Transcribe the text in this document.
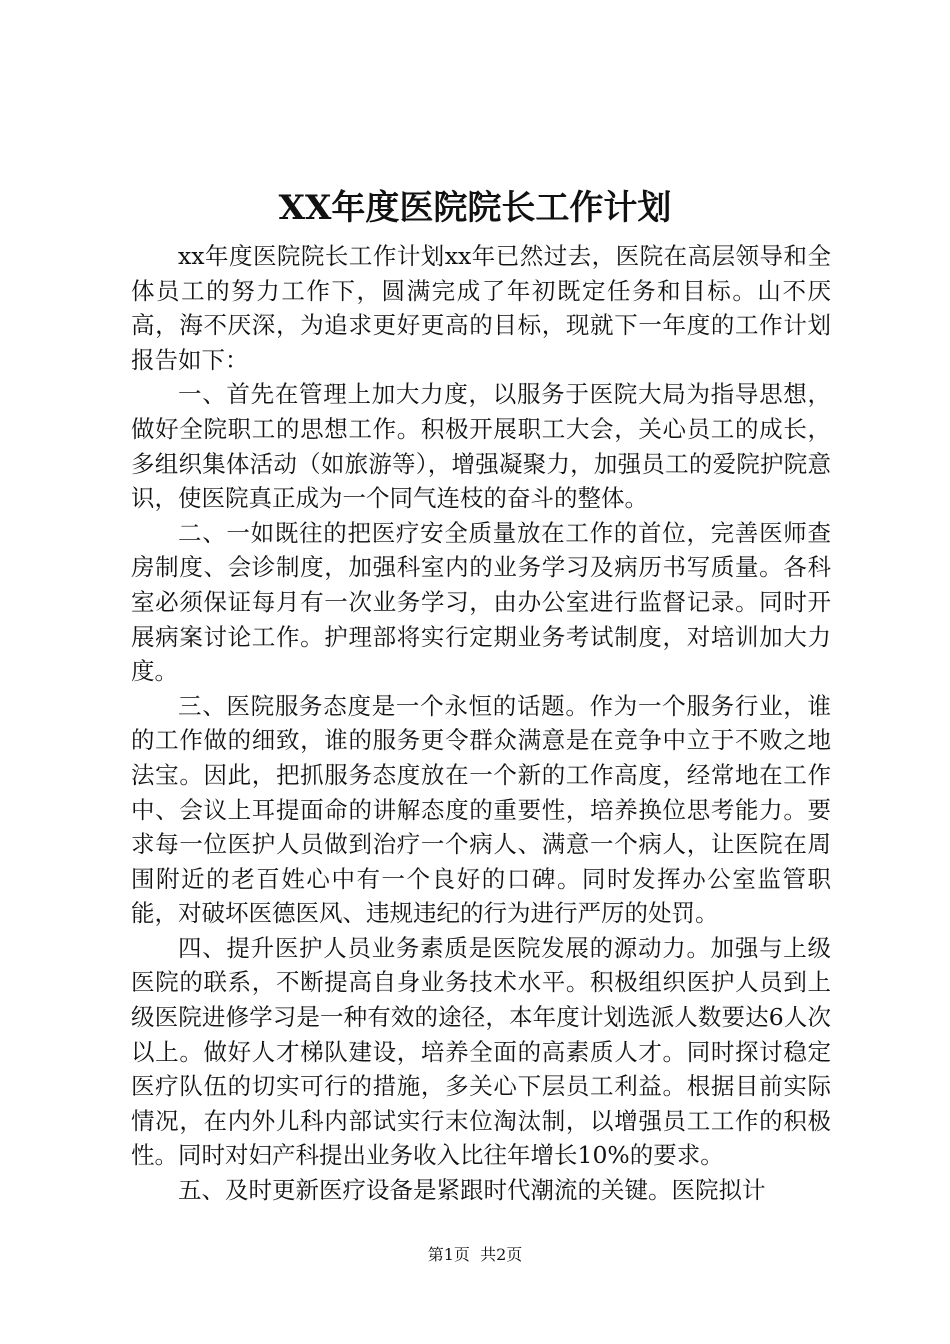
XX年度医院院长工作计划

xx年度医院院长工作计划xx年已然过去，医院在高层领导和全体员工的努力工作下，圆满完成了年初既定任务和目标。山不厌高，海不厌深，为追求更好更高的目标，现就下一年度的工作计划报告如下：

一、首先在管理上加大力度，以服务于医院大局为指导思想，做好全院职工的思想工作。积极开展职工大会，关心员工的成长，多组织集体活动（如旅游等），增强凝聚力，加强员工的爱院护院意识，使医院真正成为一个同气连枝的奋斗的整体。

二、一如既往的把医疗安全质量放在工作的首位，完善医师查房制度、会诊制度，加强科室内的业务学习及病历书写质量。各科室必须保证每月有一次业务学习，由办公室进行监督记录。同时开展病案讨论工作。护理部将实行定期业务考试制度，对培训加大力度。

三、医院服务态度是一个永恒的话题。作为一个服务行业，谁的工作做的细致，谁的服务更令群众满意是在竞争中立于不败之地法宝。因此，把抓服务态度放在一个新的工作高度，经常地在工作中、会议上耳提面命的讲解态度的重要性，培养换位思考能力。要求每一位医护人员做到治疗一个病人、满意一个病人，让医院在周围附近的老百姓心中有一个良好的口碑。同时发挥办公室监管职能，对破坏医德医风、违规违纪的行为进行严厉的处罚。

四、提升医护人员业务素质是医院发展的源动力。加强与上级医院的联系，不断提高自身业务技术水平。积极组织医护人员到上级医院进修学习是一种有效的途径，本年度计划选派人数要达6人次以上。做好人才梯队建设，培养全面的高素质人才。同时探讨稳定医疗队伍的切实可行的措施，多关心下层员工利益。根据目前实际情况，在内外儿科内部试实行末位淘汰制，以增强员工工作的积极性。同时对妇产科提出业务收入比往年增长10%的要求。

五、及时更新医疗设备是紧跟时代潮流的关键。医院拟计

第1页 共2页
